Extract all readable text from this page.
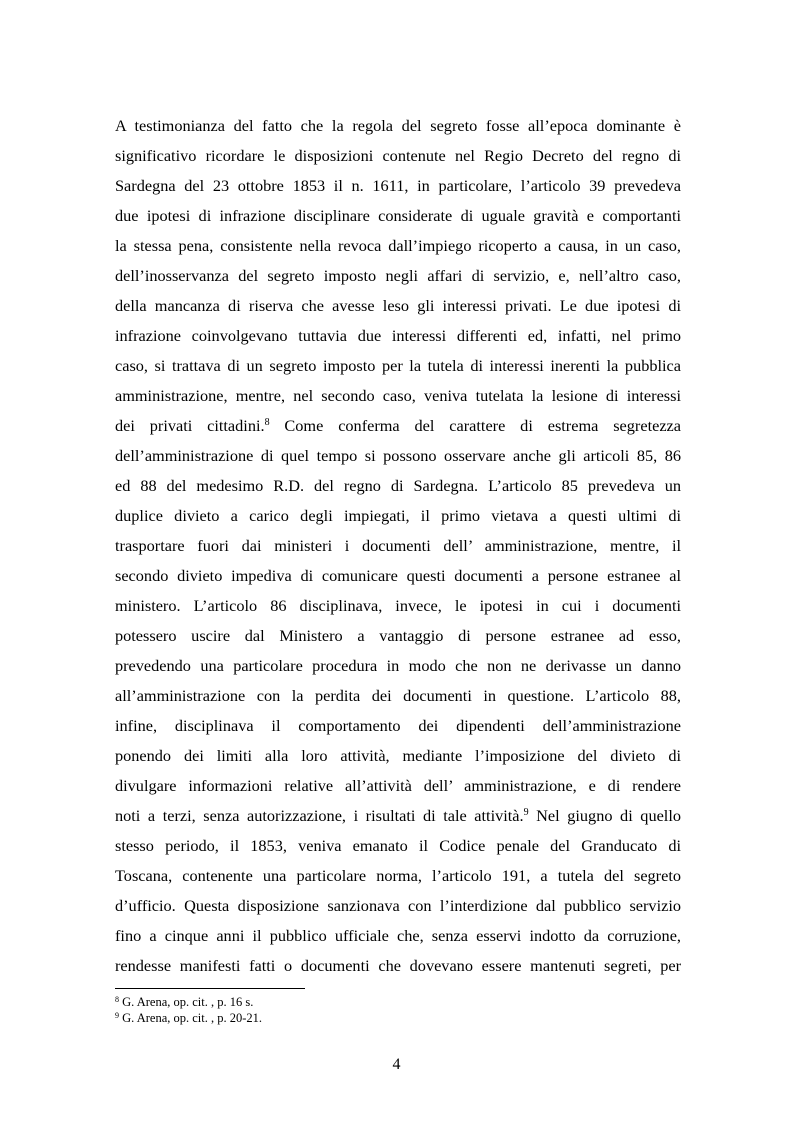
A testimonianza del fatto che la regola del segreto fosse all’epoca dominante è
significativo ricordare le disposizioni contenute nel Regio Decreto del regno di
Sardegna del 23 ottobre 1853 il n. 1611, in particolare, l’articolo 39 prevedeva
due ipotesi di infrazione disciplinare considerate di uguale gravità e comportanti
la stessa pena, consistente nella revoca dall’impiego ricoperto a causa, in un caso,
dell’inosservanza del segreto imposto negli affari di servizio, e, nell’altro caso,
della mancanza di riserva che avesse leso gli interessi privati. Le due ipotesi di
infrazione coinvolgevano tuttavia due interessi differenti ed, infatti, nel primo
caso, si trattava di un segreto imposto per la tutela di interessi inerenti la pubblica
amministrazione, mentre, nel secondo caso, veniva tutelata la lesione di interessi
dei privati cittadini.$^8$ Come conferma del carattere di estrema segretezza
dell’amministrazione di quel tempo si possono osservare anche gli articoli 85, 86
ed 88 del medesimo R.D. del regno di Sardegna. L’articolo 85 prevedeva un
duplice divieto a carico degli impiegati, il primo vietava a questi ultimi di
trasportare fuori dai ministeri i documenti dell’ amministrazione, mentre, il
secondo divieto impediva di comunicare questi documenti a persone estranee al
ministero. L’articolo 86 disciplinava, invece, le ipotesi in cui i documenti
potessero uscire dal Ministero a vantaggio di persone estranee ad esso,
prevedendo una particolare procedura in modo che non ne derivasse un danno
all’amministrazione con la perdita dei documenti in questione. L’articolo 88,
infine, disciplinava il comportamento dei dipendenti dell’amministrazione
ponendo dei limiti alla loro attività, mediante l’imposizione del divieto di
divulgare informazioni relative all’attività dell’ amministrazione, e di rendere
noti a terzi, senza autorizzazione, i risultati di tale attività.$^9$ Nel giugno di quello
stesso periodo, il 1853, veniva emanato il Codice penale del Granducato di
Toscana, contenente una particolare norma, l’articolo 191, a tutela del segreto
d’ufficio. Questa disposizione sanzionava con l’interdizione dal pubblico servizio
fino a cinque anni il pubblico ufficiale che, senza esservi indotto da corruzione,
rendesse manifesti fatti o documenti che dovevano essere mantenuti segreti, per
$^8$ G. Arena, op. cit. , p. 16 s.
$^9$ G. Arena, op. cit. , p. 20-21.
4
